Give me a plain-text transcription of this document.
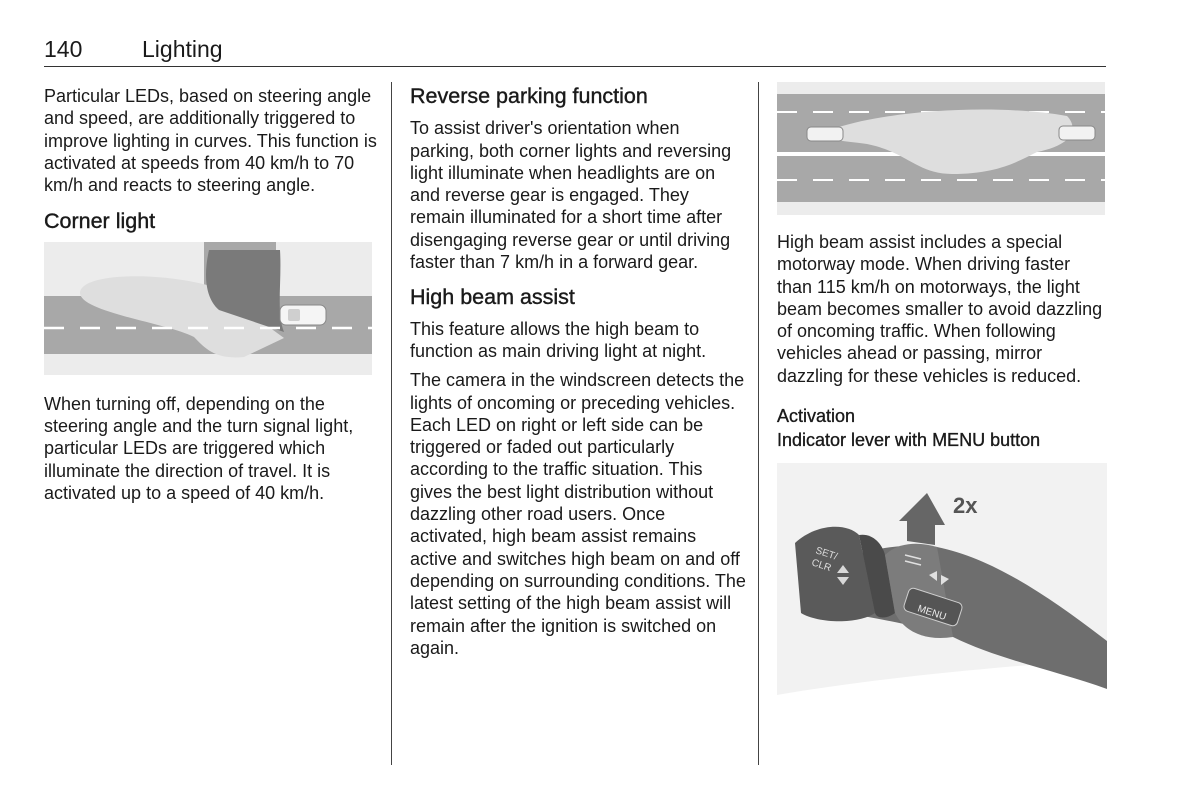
140	Lighting

Particular LEDs, based on steering angle and speed, are additionally triggered to improve lighting in curves. This function is activated at speeds from 40 km/h to 70 km/h and reacts to steering angle.

Corner light

When turning off, depending on the steering angle and the turn signal light, particular LEDs are triggered which illuminate the direction of travel. It is activated up to a speed of 40 km/h.

Reverse parking function

To assist driver's orientation when parking, both corner lights and reversing light illuminate when headlights are on and reverse gear is engaged. They remain illuminated for a short time after disengaging reverse gear or until driving faster than 7 km/h in a forward gear.

High beam assist

This feature allows the high beam to function as main driving light at night.

The camera in the windscreen detects the lights of oncoming or preceding vehicles. Each LED on right or left side can be triggered or faded out particularly according to the traffic situation. This gives the best light distribution without dazzling other road users. Once activated, high beam assist remains active and switches high beam on and off depending on surrounding conditions. The latest setting of the high beam assist will remain after the ignition is switched on again.

High beam assist includes a special motorway mode. When driving faster than 115 km/h on motorways, the light beam becomes smaller to avoid dazzling of oncoming traffic. When following vehicles ahead or passing, mirror dazzling for these vehicles is reduced.

Activation
Indicator lever with MENU button
SET/
CLR
MENU
2x
